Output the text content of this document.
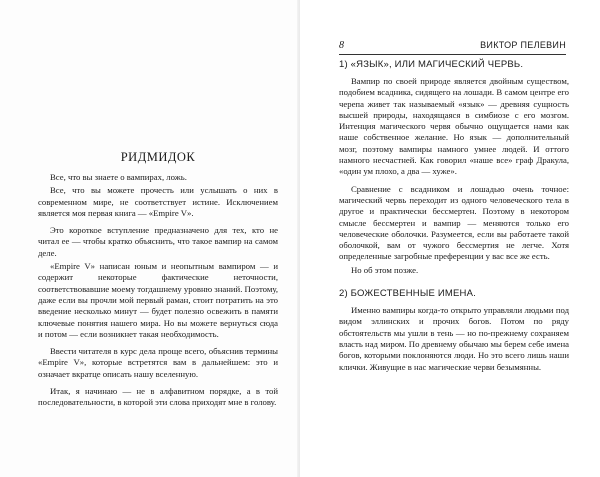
РИДМИДОК

Все, что вы знаете о вампирах, ложь.

Все, что вы можете прочесть или услышать о них в современном мире, не соответствует истине. Исключением является моя первая книга — «Empire V».

Это короткое вступление предназначено для тех, кто не читал ее — чтобы кратко объяснить, что такое вампир на самом деле.

«Empire V» написан юным и неопытным вампиром — и содержит некоторые фактические неточности, соответствовавшие моему тогдашнему уровню знаний. Поэтому, даже если вы прочли мой первый раман, стоит потратить на это введение несколько минут — будет полезно освежить в памяти ключевые понятия нашего мира. Но вы можете вернуться сюда и потом — если возникнет такая необходимость.

Ввести читателя в курс дела проще всего, объяснив термины «Empire V», которые встретятся вам в дальнейшем: это и означает вкратце описать нашу вселенную.

Итак, я начинаю — не в алфавитном порядке, а в той последовательности, в которой эти слова приходят мне в голову.

8	ВИКТОР ПЕЛЕВИН
1) «ЯЗЫК», ИЛИ МАГИЧЕСКИЙ ЧЕРВЬ.

Вампир по своей природе является двойным существом, подобием всадника, сидящего на лошади. В самом центре его черепа живет так называемый «язык» — древняя сущность высшей природы, находящаяся в симбиозе с его мозгом. Интенция магического червя обычно ощущается нами как наше собственное желание. Но язык — дополнительный мозг, поэтому вампиры намного умнее людей. И оттого намного несчастней. Как говорил «наше все» граф Дракула, «один ум плохо, а два — хуже».

Сравнение с всадником и лошадью очень точное: магический червь переходит из одного человеческого тела в другое и практически бессмертен. Поэтому в некотором смысле бессмертен и вампир — меняются только его человеческие оболочки. Разумеется, если вы работаете такой оболочкой, вам от чужого бессмертия не легче. Хотя определенные загробные преференции у вас все же есть.

Но об этом позже.

2) БОЖЕСТВЕННЫЕ ИМЕНА.

Именно вампиры когда-то открыто управляли людьми под видом эллинских и прочих богов. Потом по ряду обстоятельств мы ушли в тень — но по-прежнему сохраняем власть над миром. По древнему обычаю мы берем себе имена богов, которыми поклоняются люди. Но это всего лишь наши клички. Живущие в нас магические черви безымянны.
